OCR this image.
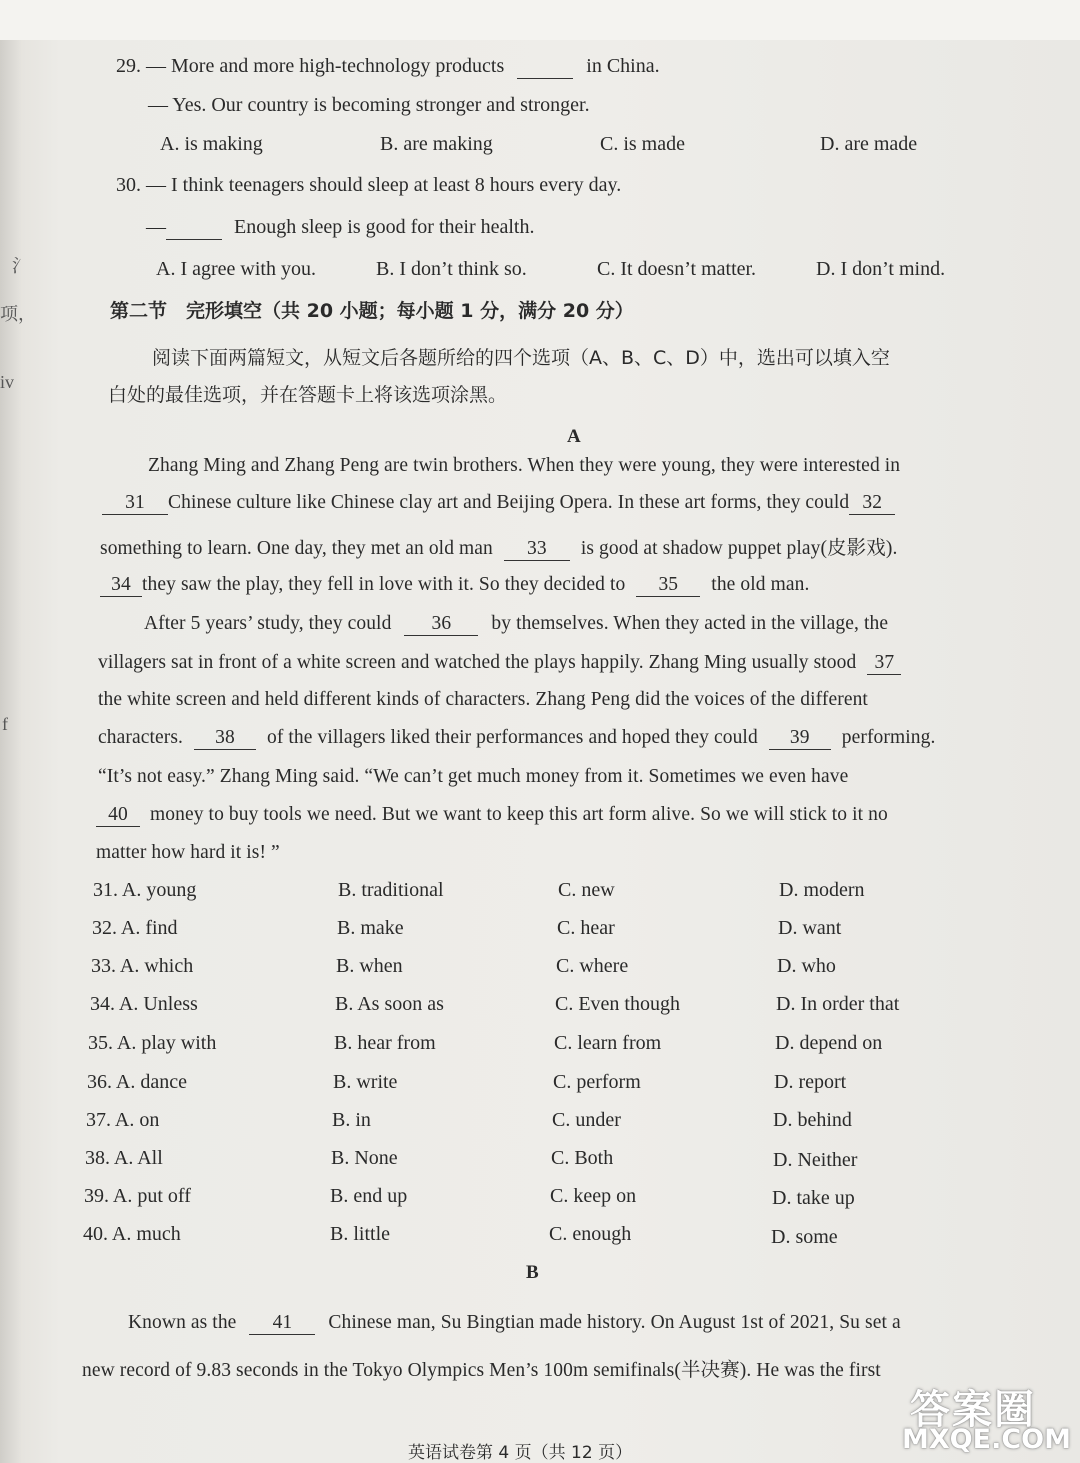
氵
项，
iv
f
29. — More and more high-technology products	in China.
— Yes. Our country is becoming stronger and stronger.
A. is making	B. are making	C. is made	D. are made
30. — I think teenagers should sleep at least 8 hours every day.
—	Enough sleep is good for their health.
A. I agree with you.	B. I don’t think so.	C. It doesn’t matter.	D. I don’t mind.
第二节　完形填空（共 20 小题；每小题 1 分，满分 20 分）
阅读下面两篇短文，从短文后各题所给的四个选项（A、B、C、D）中，选出可以填入空
白处的最佳选项，并在答题卡上将该选项涂黑。
A
Zhang Ming and Zhang Peng are twin brothers. When they were young, they were interested in
31 Chinese culture like Chinese clay art and Beijing Opera. In these art forms, they could 32
something to learn. One day, they met an old man 33 is good at shadow puppet play(皮影戏).
34 they saw the play, they fell in love with it. So they decided to 35 the old man.
After 5 years’ study, they could 36 by themselves. When they acted in the village, the
villagers sat in front of a white screen and watched the plays happily. Zhang Ming usually stood 37
the white screen and held different kinds of characters. Zhang Peng did the voices of the different
characters. 38 of the villagers liked their performances and hoped they could 39 performing.
“It’s not easy.” Zhang Ming said. “We can’t get much money from it. Sometimes we even have
40 money to buy tools we need. But we want to keep this art form alive. So we will stick to it no
matter how hard it is! ”
31. A. young	B. traditional	C. new	D. modern
32. A. find	B. make	C. hear	D. want
33. A. which	B. when	C. where	D. who
34. A. Unless	B. As soon as	C. Even though	D. In order that
35. A. play with	B. hear from	C. learn from	D. depend on
36. A. dance	B. write	C. perform	D. report
37. A. on	B. in	C. under	D. behind
38. A. All	B. None	C. Both	D. Neither
39. A. put off	B. end up	C. keep on	D. take up
40. A. much	B. little	C. enough	D. some
B
Known as the 41 Chinese man, Su Bingtian made history. On August 1st of 2021, Su set a
new record of 9.83 seconds in the Tokyo Olympics Men’s 100m semifinals(半决赛). He was the first
英语试卷第 4 页（共 12 页）
答案圈
MXQE.COM
